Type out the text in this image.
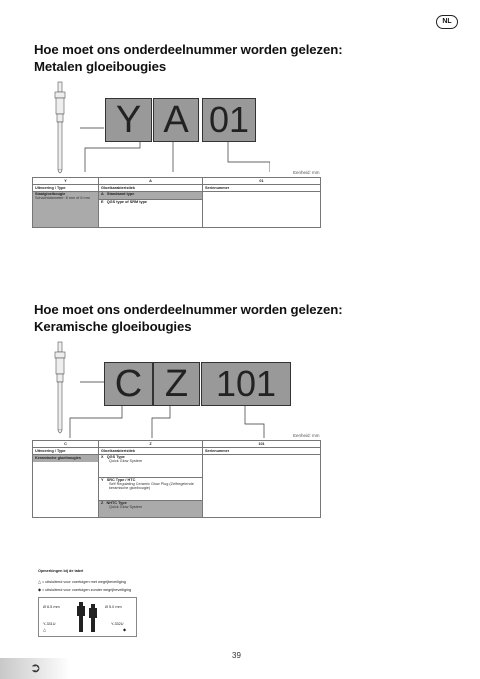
NL
Hoe moet ons onderdeelnummer worden gelezen:
Metalen gloeibougies
Y A 01
Eenheid: mm
Y	A	01
Uitvoering / Type	Gloeikarakteristiek	Serienummer

Staalgloeibougie
Schachtdiameter: 8 mm of 6 mm	A Standaard type	
	E QGS type of SRM type	
Hoe moet ons onderdeelnummer worden gelezen:
Keramische gloeibougies
C Z 101
Eenheid: mm
C	Z	101
Uitvoering / Type	Gloeikarakteristiek	Serienummer

Keramische gloeibougies	X QGS Type
Quick Glow System	

	Y SRC Type / HTC
Self Regulating Ceramic Glow Plug (Zelfregelende keramische gloeibougie)	

	Z NHTC Type
Quick Glow System	
Opmerkingen bij de tabel
△ = uitsluitend voor voertuigen met wegrijbeveiliging
◆ = uitsluitend voor voertuigen zonder wegrijbeveiliging
Ø 6.5 mm	Ø 5.0 mm
Y-331U	Y-332U
△	◆
➲
39
